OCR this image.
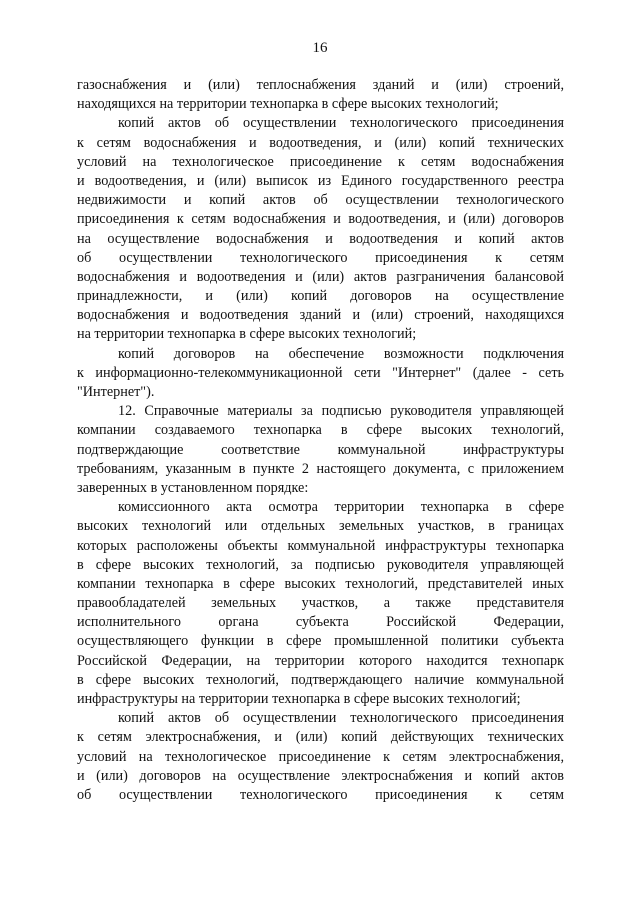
16
газоснабжения и (или) теплоснабжения зданий и (или) строений,
находящихся на территории технопарка в сфере высоких технологий;
копий актов об осуществлении технологического присоединения
к сетям водоснабжения и водоотведения, и (или) копий технических
условий на технологическое присоединение к сетям водоснабжения
и водоотведения, и (или) выписок из Единого государственного реестра
недвижимости и копий актов об осуществлении технологического
присоединения к сетям водоснабжения и водоотведения, и (или) договоров
на осуществление водоснабжения и водоотведения и копий актов
об осуществлении технологического присоединения к сетям
водоснабжения и водоотведения и (или) актов разграничения балансовой
принадлежности, и (или) копий договоров на осуществление
водоснабжения и водоотведения зданий и (или) строений, находящихся
на территории технопарка в сфере высоких технологий;
копий договоров на обеспечение возможности подключения
к информационно-телекоммуникационной сети "Интернет" (далее - сеть
"Интернет").
12. Справочные материалы за подписью руководителя управляющей
компании создаваемого технопарка в сфере высоких технологий,
подтверждающие соответствие коммунальной инфраструктуры
требованиям, указанным в пункте 2 настоящего документа, с приложением
заверенных в установленном порядке:
комиссионного акта осмотра территории технопарка в сфере
высоких технологий или отдельных земельных участков, в границах
которых расположены объекты коммунальной инфраструктуры технопарка
в сфере высоких технологий, за подписью руководителя управляющей
компании технопарка в сфере высоких технологий, представителей иных
правообладателей земельных участков, а также представителя
исполнительного органа субъекта Российской Федерации,
осуществляющего функции в сфере промышленной политики субъекта
Российской Федерации, на территории которого находится технопарк
в сфере высоких технологий, подтверждающего наличие коммунальной
инфраструктуры на территории технопарка в сфере высоких технологий;
копий актов об осуществлении технологического присоединения
к сетям электроснабжения, и (или) копий действующих технических
условий на технологическое присоединение к сетям электроснабжения,
и (или) договоров на осуществление электроснабжения и копий актов
об осуществлении технологического присоединения к сетям
